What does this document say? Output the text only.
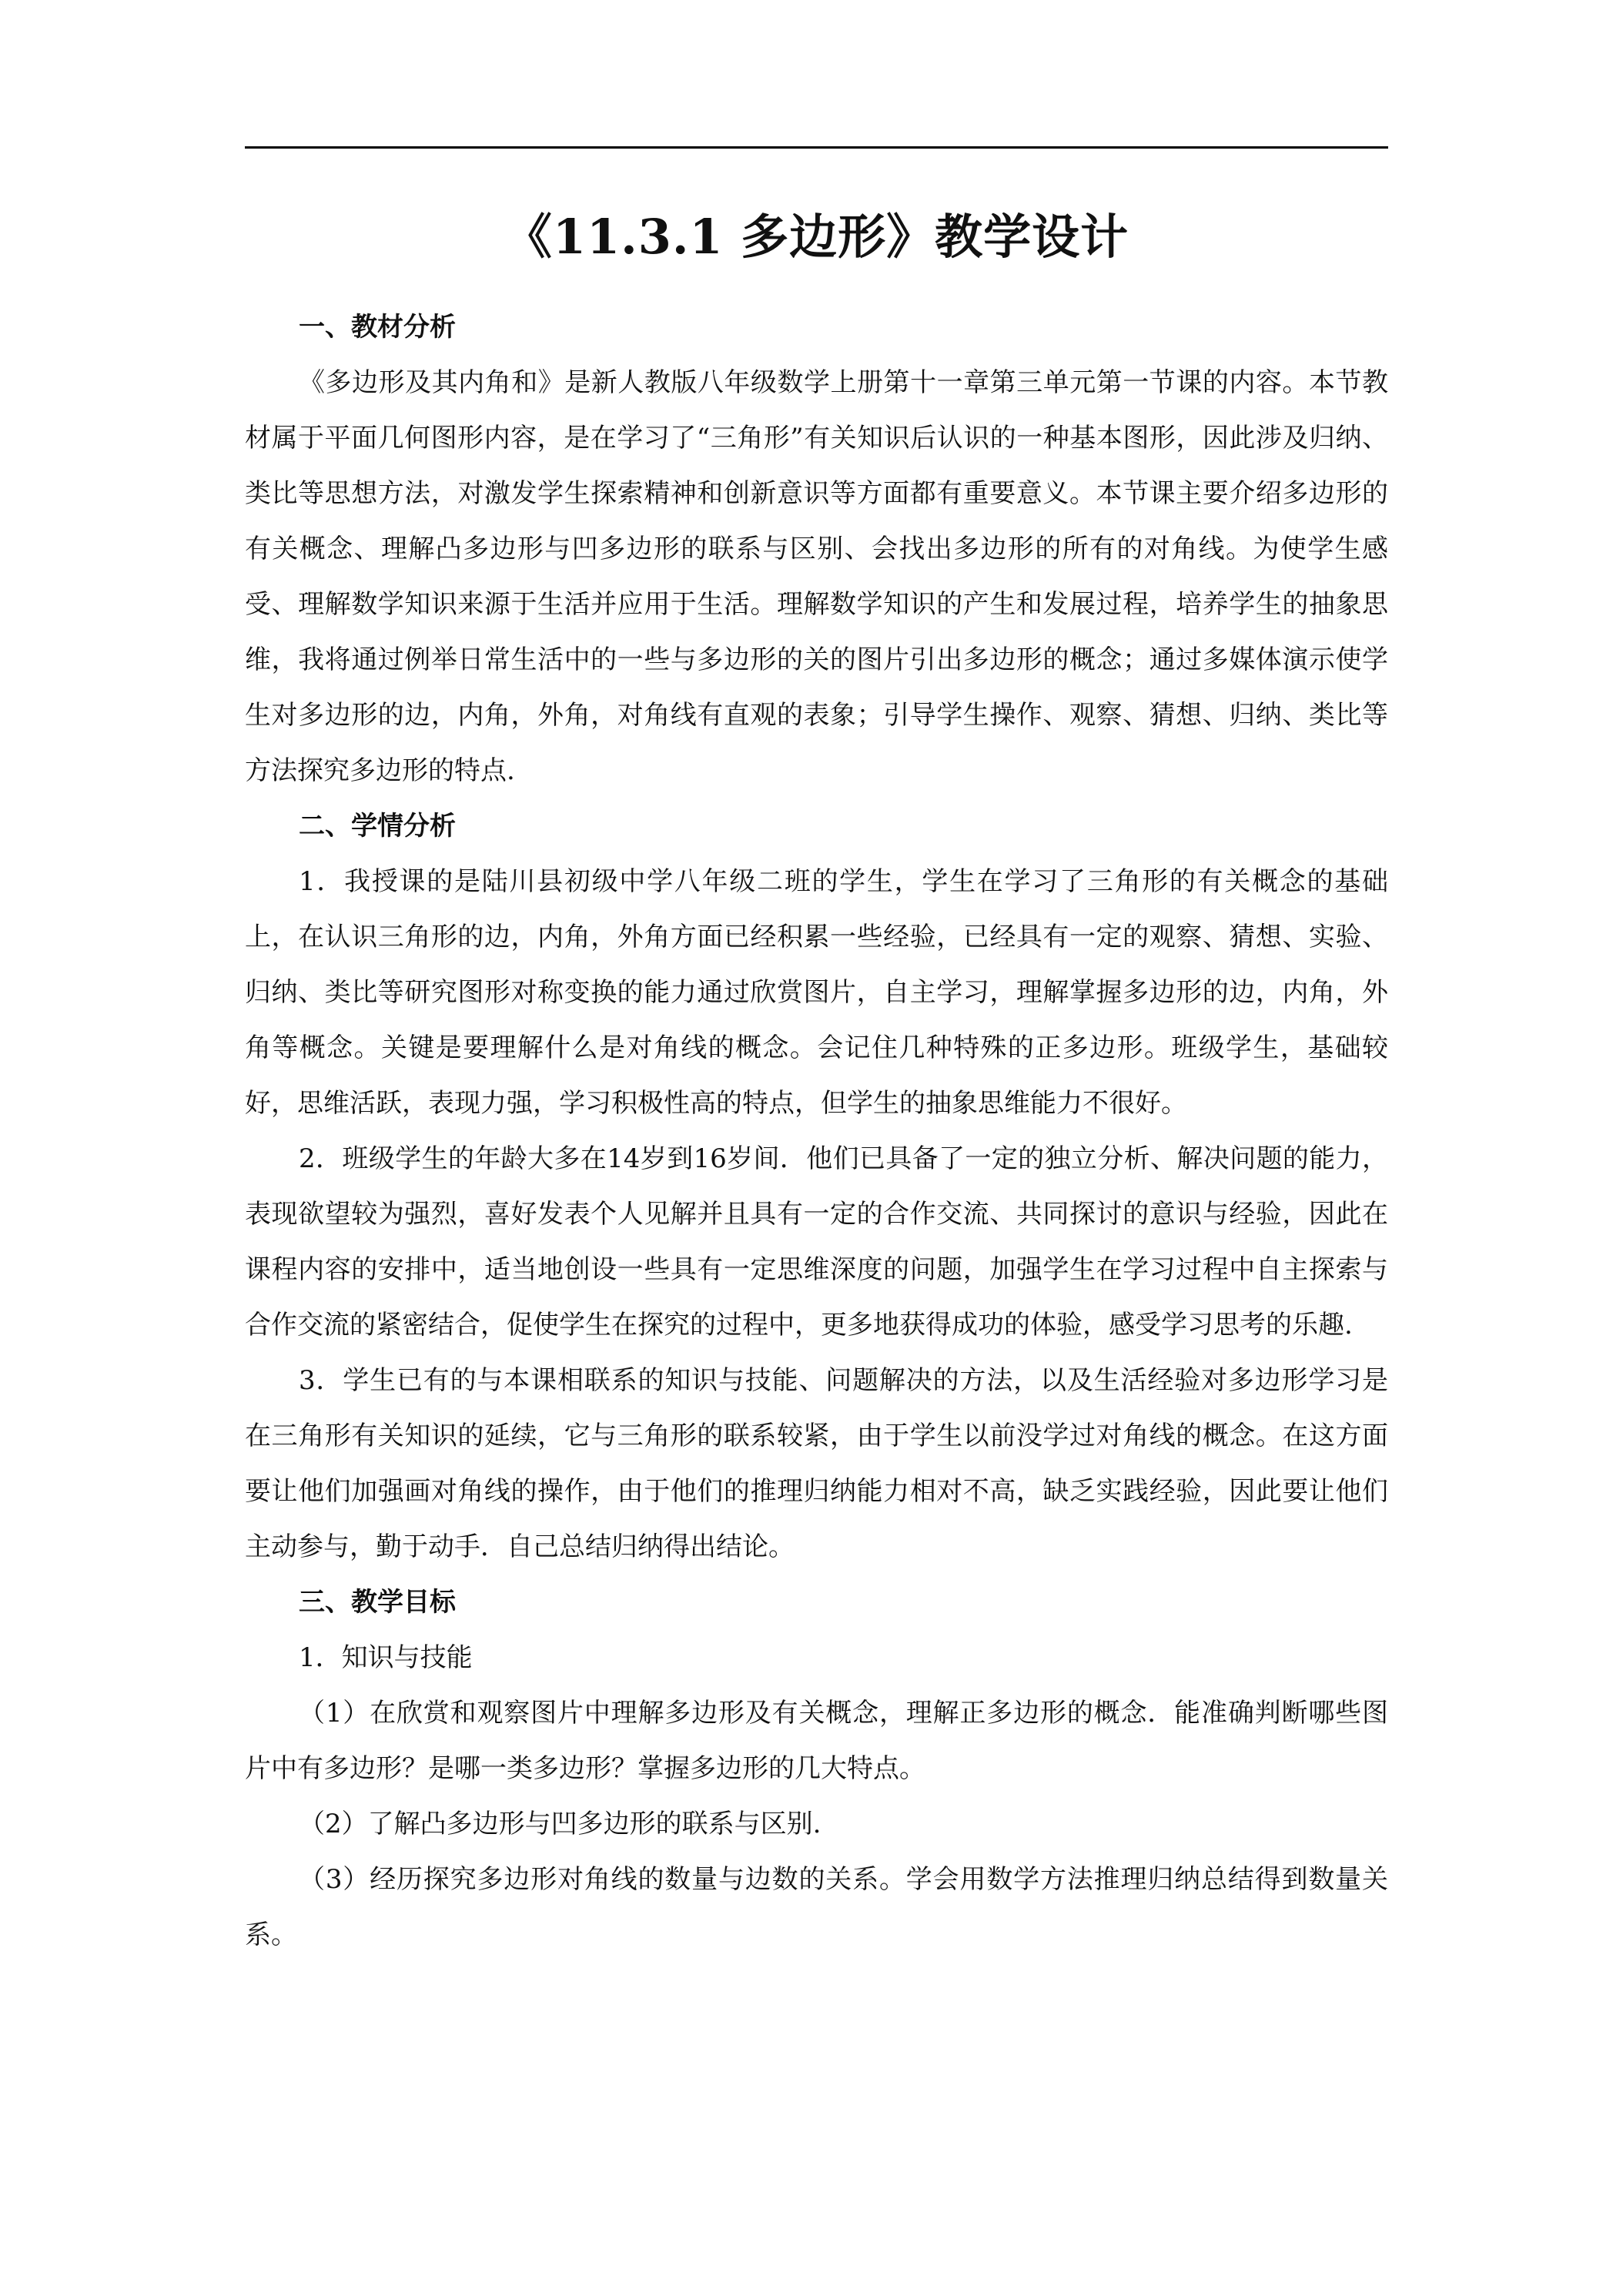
《11.3.1 多边形》教学设计

一、教材分析

《多边形及其内角和》是新人教版八年级数学上册第十一章第三单元第一节课的内容。本节教材属于平面几何图形内容，是在学习了“三角形”有关知识后认识的一种基本图形，因此涉及归纳、类比等思想方法，对激发学生探索精神和创新意识等方面都有重要意义。本节课主要介绍多边形的有关概念、理解凸多边形与凹多边形的联系与区别、会找出多边形的所有的对角线。为使学生感受、理解数学知识来源于生活并应用于生活。理解数学知识的产生和发展过程，培养学生的抽象思维，我将通过例举日常生活中的一些与多边形的关的图片引出多边形的概念；通过多媒体演示使学生对多边形的边，内角，外角，对角线有直观的表象；引导学生操作、观察、猜想、归纳、类比等方法探究多边形的特点.

二、学情分析

1．我授课的是陆川县初级中学八年级二班的学生，学生在学习了三角形的有关概念的基础上，在认识三角形的边，内角，外角方面已经积累一些经验，已经具有一定的观察、猜想、实验、归纳、类比等研究图形对称变换的能力通过欣赏图片，自主学习，理解掌握多边形的边，内角，外角等概念。关键是要理解什么是对角线的概念。会记住几种特殊的正多边形。班级学生，基础较好，思维活跃，表现力强，学习积极性高的特点，但学生的抽象思维能力不很好。

2．班级学生的年龄大多在14岁到16岁间．他们已具备了一定的独立分析、解决问题的能力，表现欲望较为强烈，喜好发表个人见解并且具有一定的合作交流、共同探讨的意识与经验，因此在课程内容的安排中，适当地创设一些具有一定思维深度的问题，加强学生在学习过程中自主探索与合作交流的紧密结合，促使学生在探究的过程中，更多地获得成功的体验，感受学习思考的乐趣.

3．学生已有的与本课相联系的知识与技能、问题解决的方法，以及生活经验对多边形学习是在三角形有关知识的延续，它与三角形的联系较紧，由于学生以前没学过对角线的概念。在这方面要让他们加强画对角线的操作，由于他们的推理归纳能力相对不高，缺乏实践经验，因此要让他们主动参与，勤于动手．自己总结归纳得出结论。

三、教学目标

1．知识与技能

（1）在欣赏和观察图片中理解多边形及有关概念，理解正多边形的概念．能准确判断哪些图片中有多边形？是哪一类多边形？掌握多边形的几大特点。

（2）了解凸多边形与凹多边形的联系与区别.

（3）经历探究多边形对角线的数量与边数的关系。学会用数学方法推理归纳总结得到数量关系。
